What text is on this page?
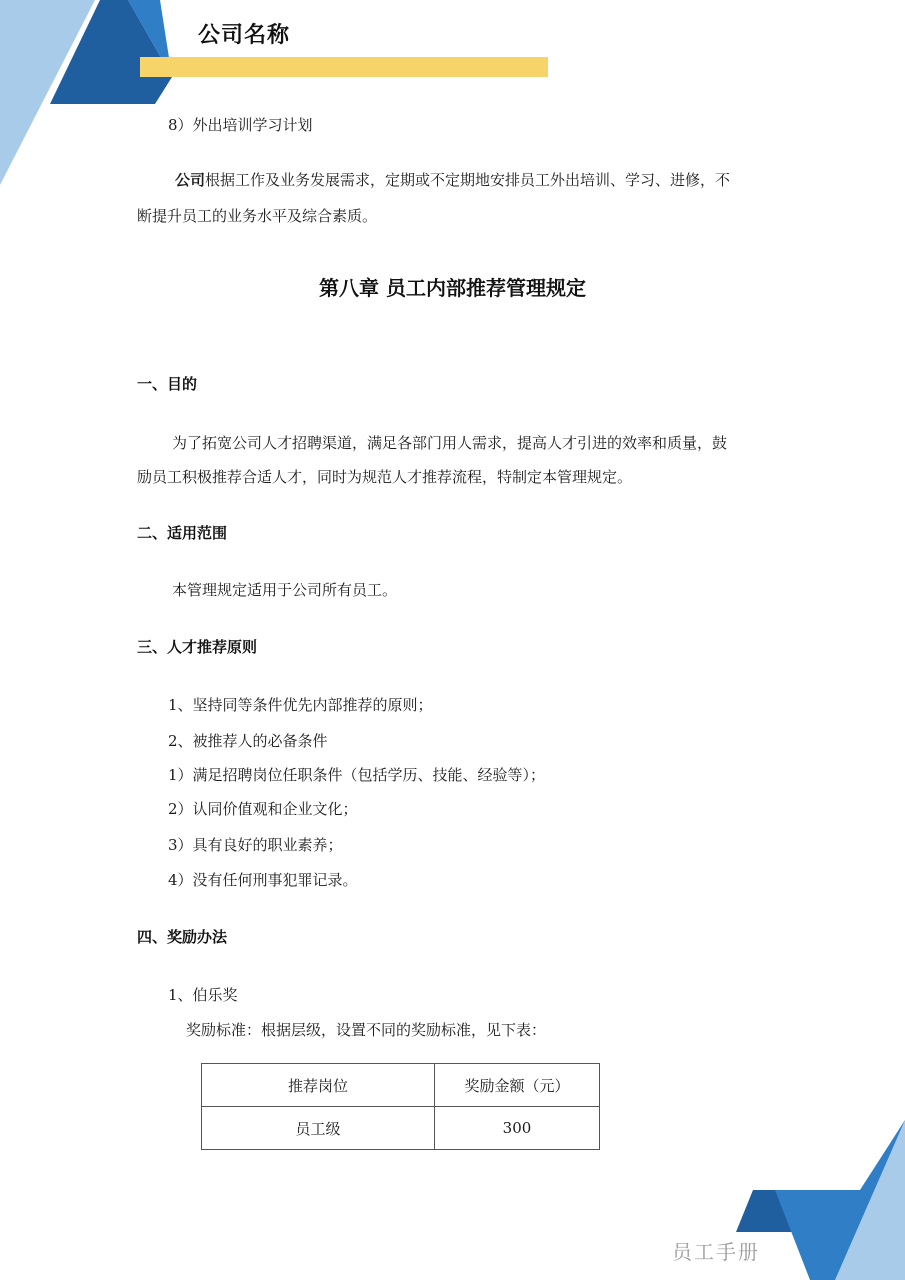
公司名称
8）外出培训学习计划
公司根据工作及业务发展需求，定期或不定期地安排员工外出培训、学习、进修，不
断提升员工的业务水平及综合素质。
第八章 员工内部推荐管理规定
一、目的
为了拓宽公司人才招聘渠道，满足各部门用人需求，提高人才引进的效率和质量，鼓
励员工积极推荐合适人才，同时为规范人才推荐流程，特制定本管理规定。
二、适用范围
本管理规定适用于公司所有员工。
三、人才推荐原则
1、坚持同等条件优先内部推荐的原则；
2、被推荐人的必备条件
1）满足招聘岗位任职条件（包括学历、技能、经验等）；
2）认同价值观和企业文化；
3）具有良好的职业素养；
4）没有任何刑事犯罪记录。
四、奖励办法
1、伯乐奖
奖励标准：根据层级，设置不同的奖励标准，见下表：
推荐岗位	奖励金额（元）
员工级	300
员工手册
